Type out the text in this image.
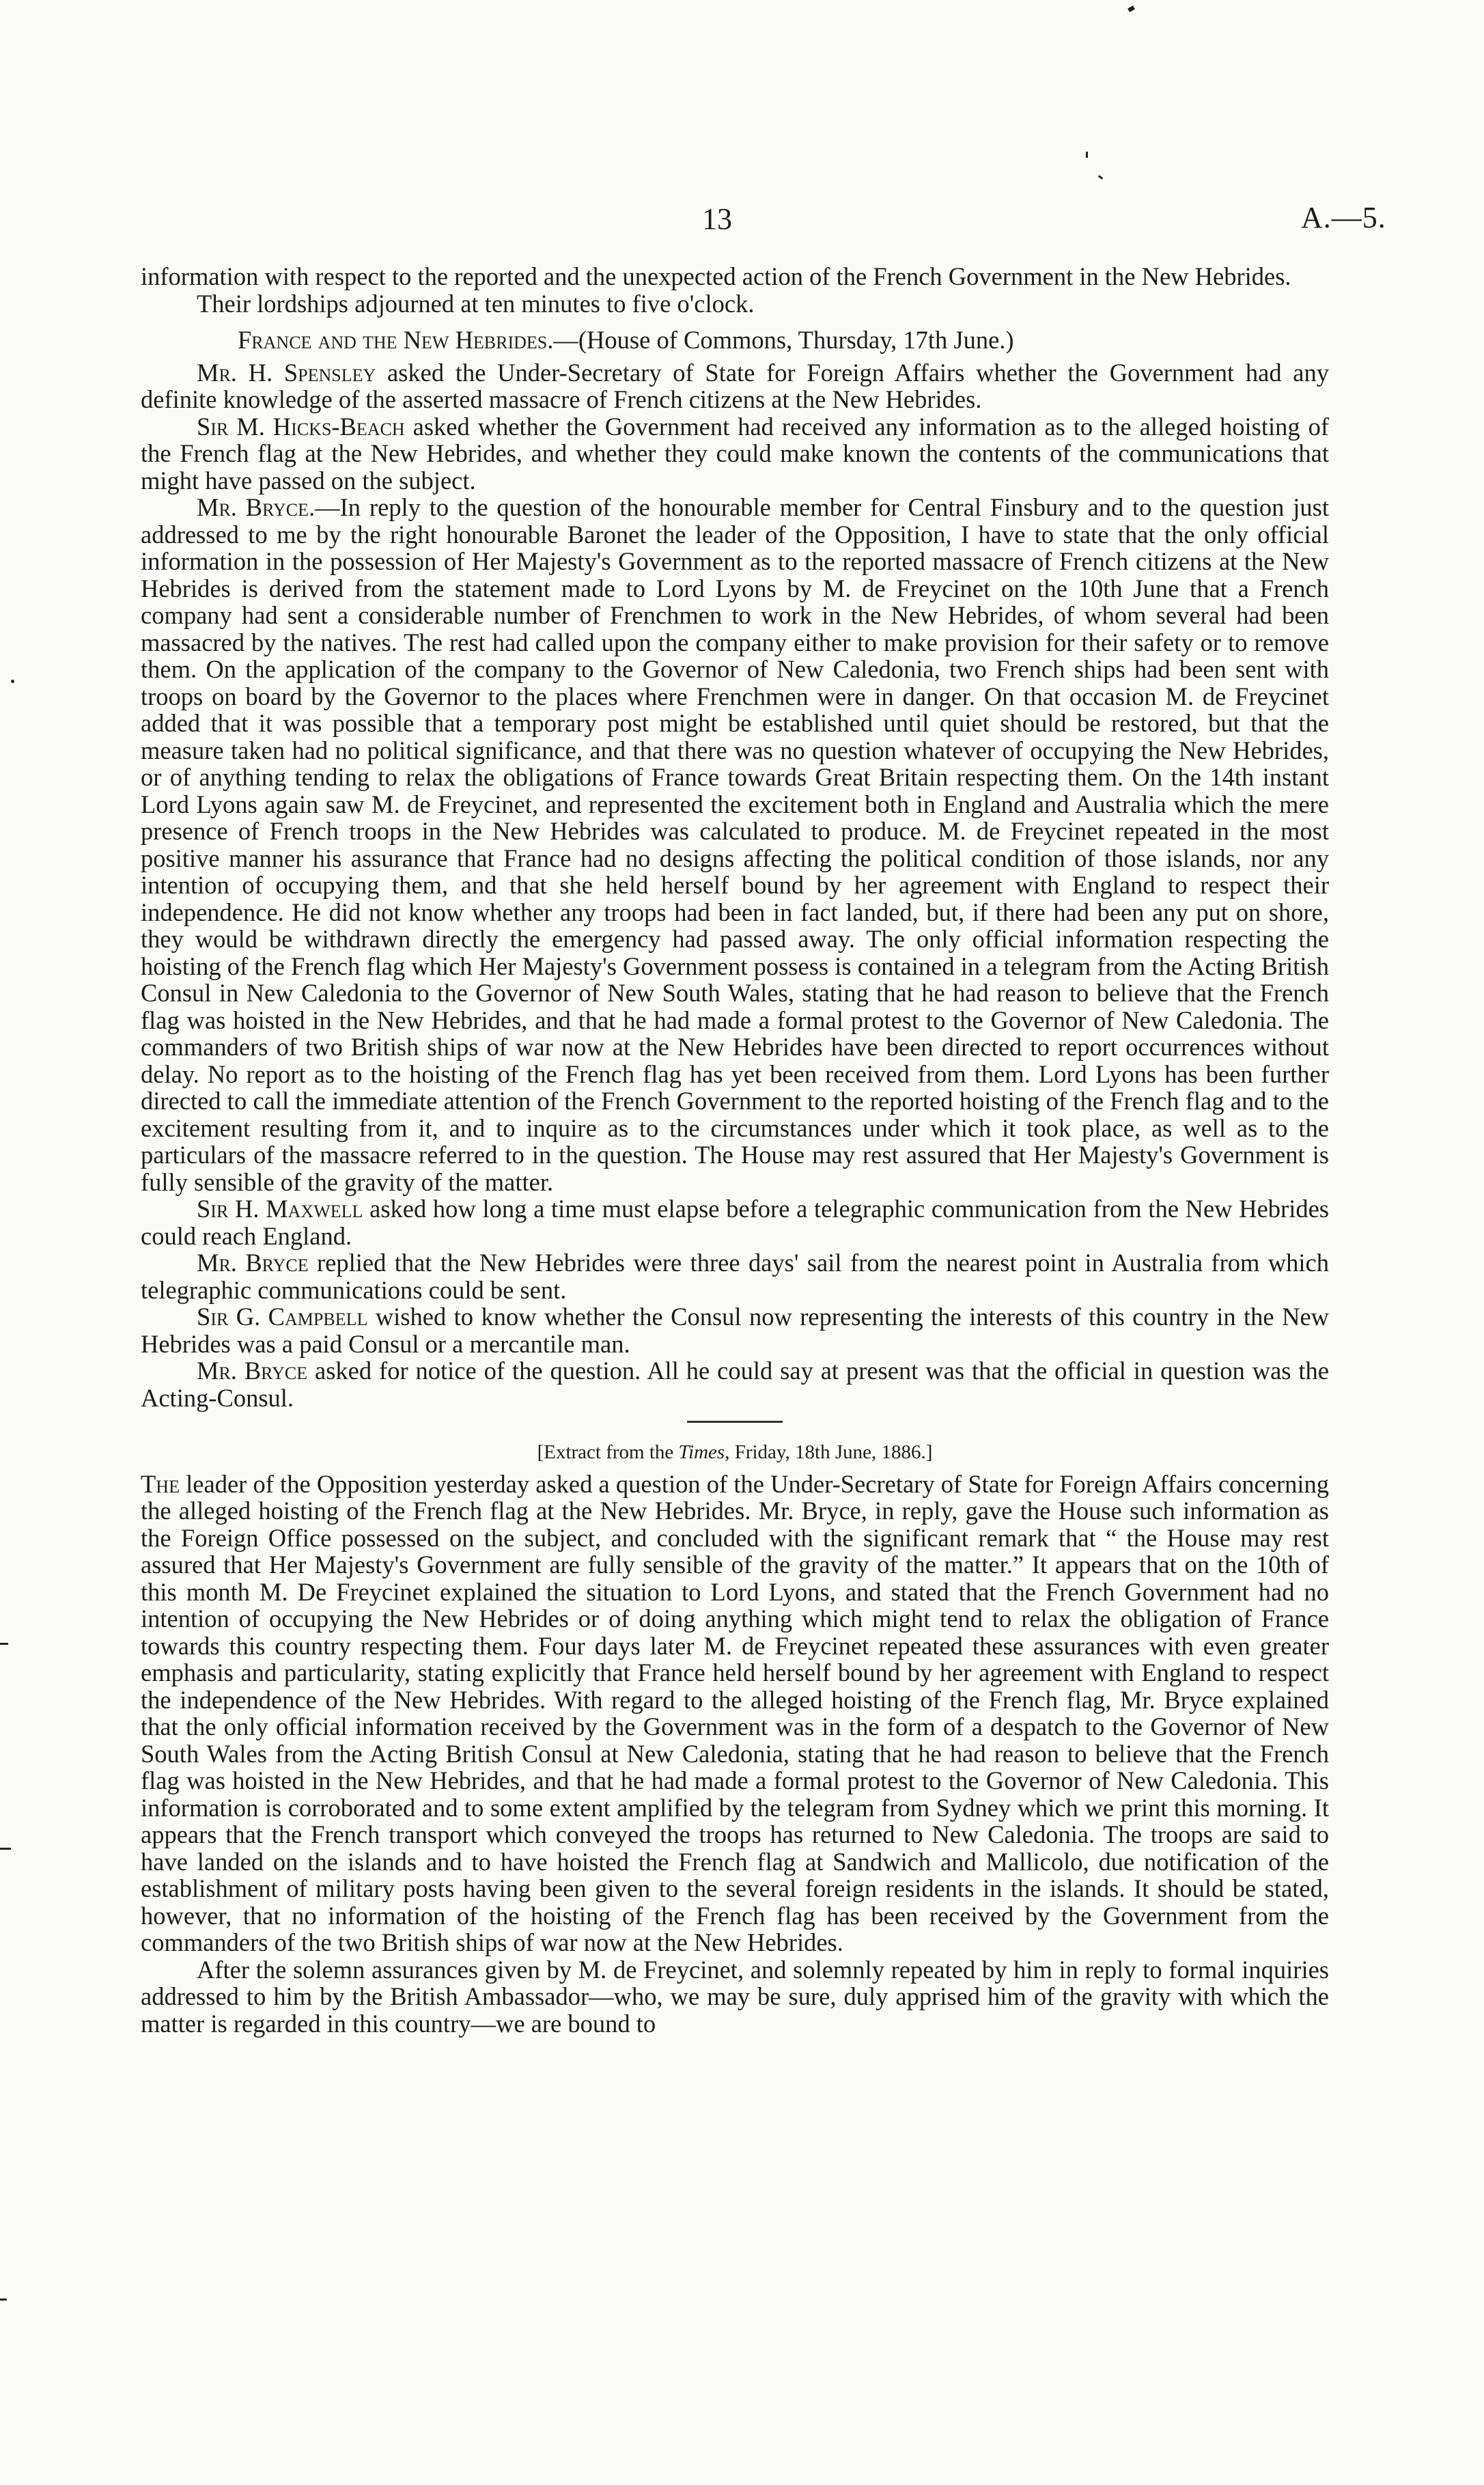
13	A.—5.

information with respect to the reported and the unexpected action of the French Government in the New Hebrides.

Their lordships adjourned at ten minutes to five o'clock.

France and the New Hebrides.—(House of Commons, Thursday, 17th June.)

Mr. H. Spensley asked the Under-Secretary of State for Foreign Affairs whether the Government had any definite knowledge of the asserted massacre of French citizens at the New Hebrides.

Sir M. Hicks-Beach asked whether the Government had received any information as to the alleged hoisting of the French flag at the New Hebrides, and whether they could make known the contents of the communications that might have passed on the subject.

Mr. Bryce.—In reply to the question of the honourable member for Central Finsbury and to the question just addressed to me by the right honourable Baronet the leader of the Opposition, I have to state that the only official information in the possession of Her Majesty's Government as to the reported massacre of French citizens at the New Hebrides is derived from the statement made to Lord Lyons by M. de Freycinet on the 10th June that a French company had sent a considerable number of Frenchmen to work in the New Hebrides, of whom several had been massacred by the natives. The rest had called upon the company either to make provision for their safety or to remove them. On the application of the company to the Governor of New Caledonia, two French ships had been sent with troops on board by the Governor to the places where Frenchmen were in danger. On that occasion M. de Freycinet added that it was possible that a temporary post might be established until quiet should be restored, but that the measure taken had no political significance, and that there was no question whatever of occupying the New Hebrides, or of anything tending to relax the obligations of France towards Great Britain respecting them. On the 14th instant Lord Lyons again saw M. de Freycinet, and represented the excitement both in England and Australia which the mere presence of French troops in the New Hebrides was calculated to produce. M. de Freycinet repeated in the most positive manner his assurance that France had no designs affecting the political condition of those islands, nor any intention of occupying them, and that she held herself bound by her agreement with England to respect their independence. He did not know whether any troops had been in fact landed, but, if there had been any put on shore, they would be withdrawn directly the emergency had passed away. The only official information respecting the hoisting of the French flag which Her Majesty's Government possess is contained in a telegram from the Acting British Consul in New Caledonia to the Governor of New South Wales, stating that he had reason to believe that the French flag was hoisted in the New Hebrides, and that he had made a formal protest to the Governor of New Caledonia. The commanders of two British ships of war now at the New Hebrides have been directed to report occurrences without delay. No report as to the hoisting of the French flag has yet been received from them. Lord Lyons has been further directed to call the immediate attention of the French Government to the reported hoisting of the French flag and to the excitement resulting from it, and to inquire as to the circumstances under which it took place, as well as to the particulars of the massacre referred to in the question. The House may rest assured that Her Majesty's Government is fully sensible of the gravity of the matter.

Sir H. Maxwell asked how long a time must elapse before a telegraphic communication from the New Hebrides could reach England.

Mr. Bryce replied that the New Hebrides were three days' sail from the nearest point in Australia from which telegraphic communications could be sent.

Sir G. Campbell wished to know whether the Consul now representing the interests of this country in the New Hebrides was a paid Consul or a mercantile man.

Mr. Bryce asked for notice of the question. All he could say at present was that the official in question was the Acting-Consul.

[Extract from the Times, Friday, 18th June, 1886.]

The leader of the Opposition yesterday asked a question of the Under-Secretary of State for Foreign Affairs concerning the alleged hoisting of the French flag at the New Hebrides. Mr. Bryce, in reply, gave the House such information as the Foreign Office possessed on the subject, and concluded with the significant remark that “ the House may rest assured that Her Majesty's Government are fully sensible of the gravity of the matter.” It appears that on the 10th of this month M. De Freycinet explained the situation to Lord Lyons, and stated that the French Government had no intention of occupying the New Hebrides or of doing anything which might tend to relax the obligation of France towards this country respecting them. Four days later M. de Freycinet repeated these assurances with even greater emphasis and particularity, stating explicitly that France held herself bound by her agreement with England to respect the independence of the New Hebrides. With regard to the alleged hoisting of the French flag, Mr. Bryce explained that the only official information received by the Government was in the form of a despatch to the Governor of New South Wales from the Acting British Consul at New Caledonia, stating that he had reason to believe that the French flag was hoisted in the New Hebrides, and that he had made a formal protest to the Governor of New Caledonia. This information is corroborated and to some extent amplified by the telegram from Sydney which we print this morning. It appears that the French transport which conveyed the troops has returned to New Caledonia. The troops are said to have landed on the islands and to have hoisted the French flag at Sandwich and Mallicolo, due notification of the establishment of military posts having been given to the several foreign residents in the islands. It should be stated, however, that no information of the hoisting of the French flag has been received by the Government from the commanders of the two British ships of war now at the New Hebrides.

After the solemn assurances given by M. de Freycinet, and solemnly repeated by him in reply to formal inquiries addressed to him by the British Ambassador—who, we may be sure, duly apprised him of the gravity with which the matter is regarded in this country—we are bound to
